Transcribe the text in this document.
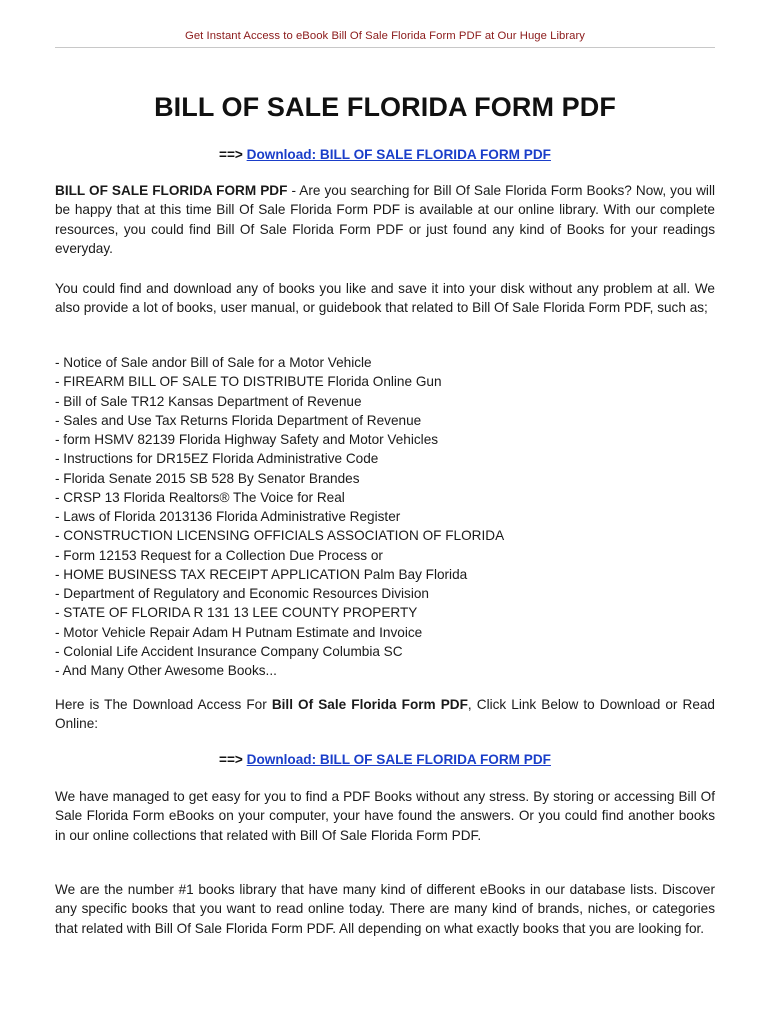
Get Instant Access to eBook Bill Of Sale Florida Form PDF at Our Huge Library
BILL OF SALE FLORIDA FORM PDF
==> Download: BILL OF SALE FLORIDA FORM PDF

BILL OF SALE FLORIDA FORM PDF - Are you searching for Bill Of Sale Florida Form Books? Now, you will be happy that at this time Bill Of Sale Florida Form PDF is available at our online library. With our complete resources, you could find Bill Of Sale Florida Form PDF or just found any kind of Books for your readings everyday.

You could find and download any of books you like and save it into your disk without any problem at all. We also provide a lot of books, user manual, or guidebook that related to Bill Of Sale Florida Form PDF, such as;

- Notice of Sale andor Bill of Sale for a Motor Vehicle
- FIREARM BILL OF SALE TO DISTRIBUTE Florida Online Gun
- Bill of Sale TR12 Kansas Department of Revenue
- Sales and Use Tax Returns Florida Department of Revenue
- form HSMV 82139 Florida Highway Safety and Motor Vehicles
- Instructions for DR15EZ Florida Administrative Code
- Florida Senate 2015 SB 528 By Senator Brandes
- CRSP 13 Florida Realtors® The Voice for Real
- Laws of Florida 2013136 Florida Administrative Register
- CONSTRUCTION LICENSING OFFICIALS ASSOCIATION OF FLORIDA
- Form 12153 Request for a Collection Due Process or
- HOME BUSINESS TAX RECEIPT APPLICATION Palm Bay Florida
- Department of Regulatory and Economic Resources Division
- STATE OF FLORIDA R 131 13 LEE COUNTY PROPERTY
- Motor Vehicle Repair Adam H Putnam Estimate and Invoice
- Colonial Life Accident Insurance Company Columbia SC
- And Many Other Awesome Books...

Here is The Download Access For Bill Of Sale Florida Form PDF, Click Link Below to Download or Read Online:

==> Download: BILL OF SALE FLORIDA FORM PDF

We have managed to get easy for you to find a PDF Books without any stress. By storing or accessing Bill Of Sale Florida Form eBooks on your computer, your have found the answers. Or you could find another books in our online collections that related with Bill Of Sale Florida Form PDF.

We are the number #1 books library that have many kind of different eBooks in our database lists. Discover any specific books that you want to read online today. There are many kind of brands, niches, or categories that related with Bill Of Sale Florida Form PDF. All depending on what exactly books that you are looking for.
